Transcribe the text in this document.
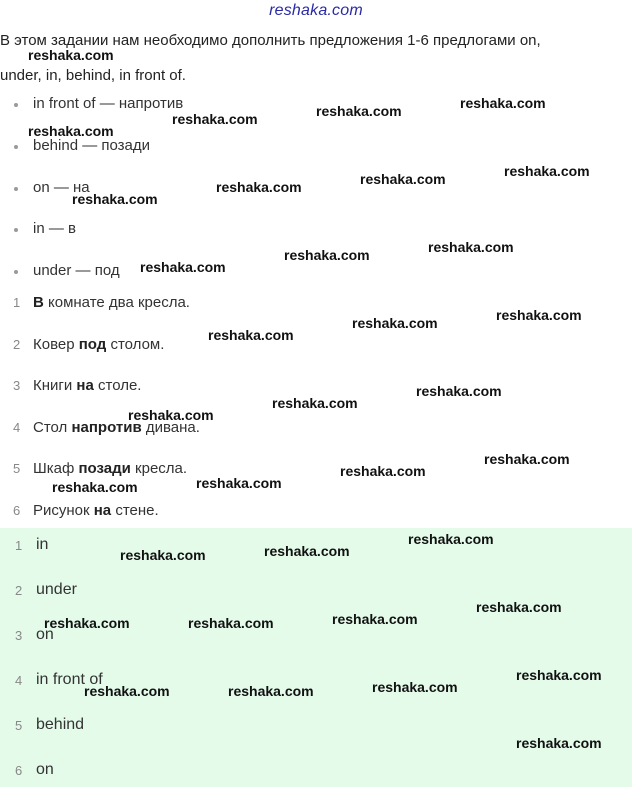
reshaka.com
В этом задании нам необходимо дополнить предложения 1-6 предлогами on,
under, in, behind, in front of.
in front of — напротив
behind — позади
on — на
in — в
under — под
1 В комнате два кресла.
2 Ковер под столом.
3 Книги на столе.
4 Стол напротив дивана.
5 Шкаф позади кресла.
6 Рисунок на стене.
1 in
2 under
3 on
4 in front of
5 behind
6 on
reshaka.com
reshaka.com
reshaka.com
reshaka.com
reshaka.com
reshaka.com
reshaka.com
reshaka.com
reshaka.com
reshaka.com
reshaka.com
reshaka.com
reshaka.com
reshaka.com
reshaka.com
reshaka.com
reshaka.com
reshaka.com
reshaka.com
reshaka.com
reshaka.com
reshaka.com
reshaka.com
reshaka.com
reshaka.com
reshaka.com
reshaka.com
reshaka.com
reshaka.com
reshaka.com
reshaka.com
reshaka.com
reshaka.com
reshaka.com
